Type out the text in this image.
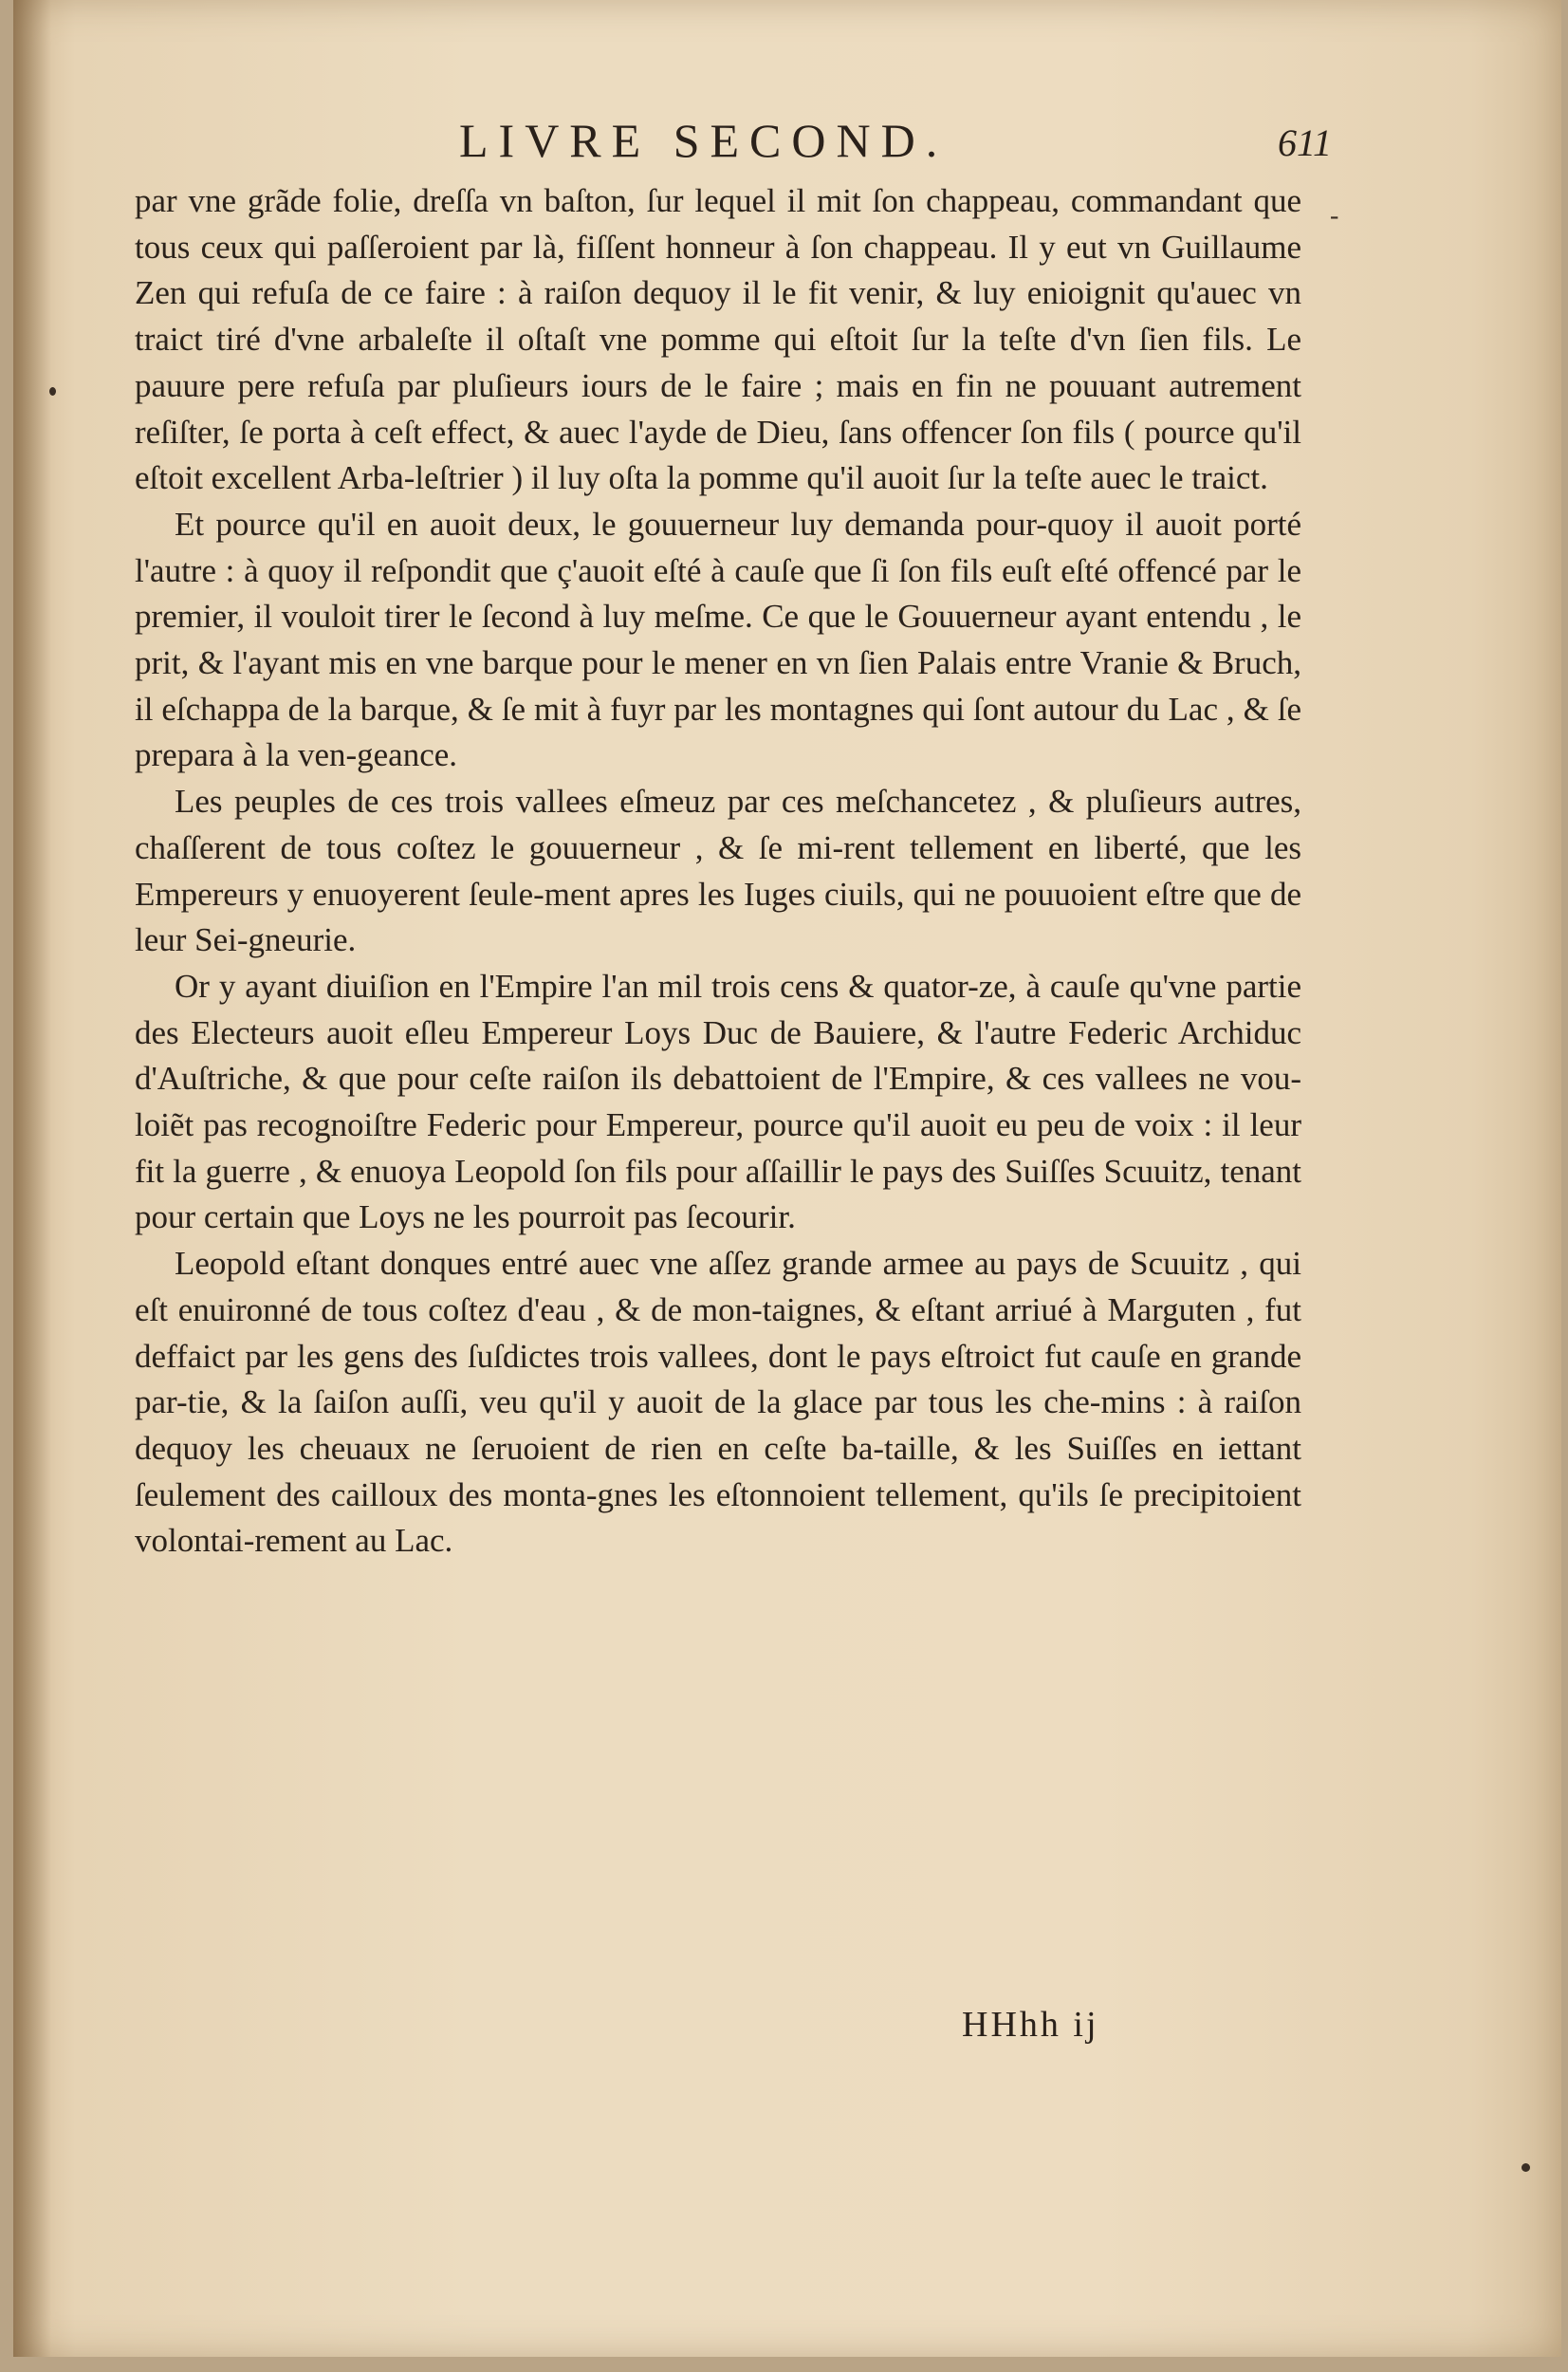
LIVRE SECOND.	611

par vne grãde folie, dreſſa vn baſton, ſur lequel il mit ſon chappeau, commandant que tous ceux qui paſſeroient par là, fiſſent honneur à ſon chappeau. Il y eut vn Guillaume Zen qui refuſa de ce faire : à raiſon dequoy il le fit venir, & luy enioignit qu'auec vn traict tiré d'vne arbaleſte il oſtaſt vne pomme qui eſtoit ſur la teſte d'vn ſien fils. Le pauure pere refuſa par pluſieurs iours de le faire ; mais en fin ne pouuant autrement reſiſter, ſe porta à ceſt effect, & auec l'ayde de Dieu, ſans offencer ſon fils ( pource qu'il eſtoit excellent Arba-leſtrier ) il luy oſta la pomme qu'il auoit ſur la teſte auec le traict.

Et pource qu'il en auoit deux, le gouuerneur luy demanda pour-quoy il auoit porté l'autre : à quoy il reſpondit que ç'auoit eſté à cauſe que ſi ſon fils euſt eſté offencé par le premier, il vouloit tirer le ſecond à luy meſme. Ce que le Gouuerneur ayant entendu , le prit, & l'ayant mis en vne barque pour le mener en vn ſien Palais entre Vranie & Bruch, il eſchappa de la barque, & ſe mit à fuyr par les montagnes qui ſont autour du Lac , & ſe prepara à la ven-geance.

Les peuples de ces trois vallees eſmeuz par ces meſchancetez , & pluſieurs autres, chaſſerent de tous coſtez le gouuerneur , & ſe mi-rent tellement en liberté, que les Empereurs y enuoyerent ſeule-ment apres les Iuges ciuils, qui ne pouuoient eſtre que de leur Sei-gneurie.

Or y ayant diuiſion en l'Empire l'an mil trois cens & quator-ze, à cauſe qu'vne partie des Electeurs auoit eſleu Empereur Loys Duc de Bauiere, & l'autre Federic Archiduc d'Auſtriche, & que pour ceſte raiſon ils debattoient de l'Empire, & ces vallees ne vou-loiẽt pas recognoiſtre Federic pour Empereur, pource qu'il auoit eu peu de voix : il leur fit la guerre , & enuoya Leopold ſon fils pour aſſaillir le pays des Suiſſes Scuuitz, tenant pour certain que Loys ne les pourroit pas ſecourir.

Leopold eſtant donques entré auec vne aſſez grande armee au pays de Scuuitz , qui eſt enuironné de tous coſtez d'eau , & de mon-taignes, & eſtant arriué à Marguten , fut deffaict par les gens des ſuſdictes trois vallees, dont le pays eſtroict fut cauſe en grande par-tie, & la ſaiſon auſſi, veu qu'il y auoit de la glace par tous les che-mins : à raiſon dequoy les cheuaux ne ſeruoient de rien en ceſte ba-taille, & les Suiſſes en iettant ſeulement des cailloux des monta-gnes les eſtonnoient tellement, qu'ils ſe precipitoient volontai-rement au Lac.

HHhh ij
‐
